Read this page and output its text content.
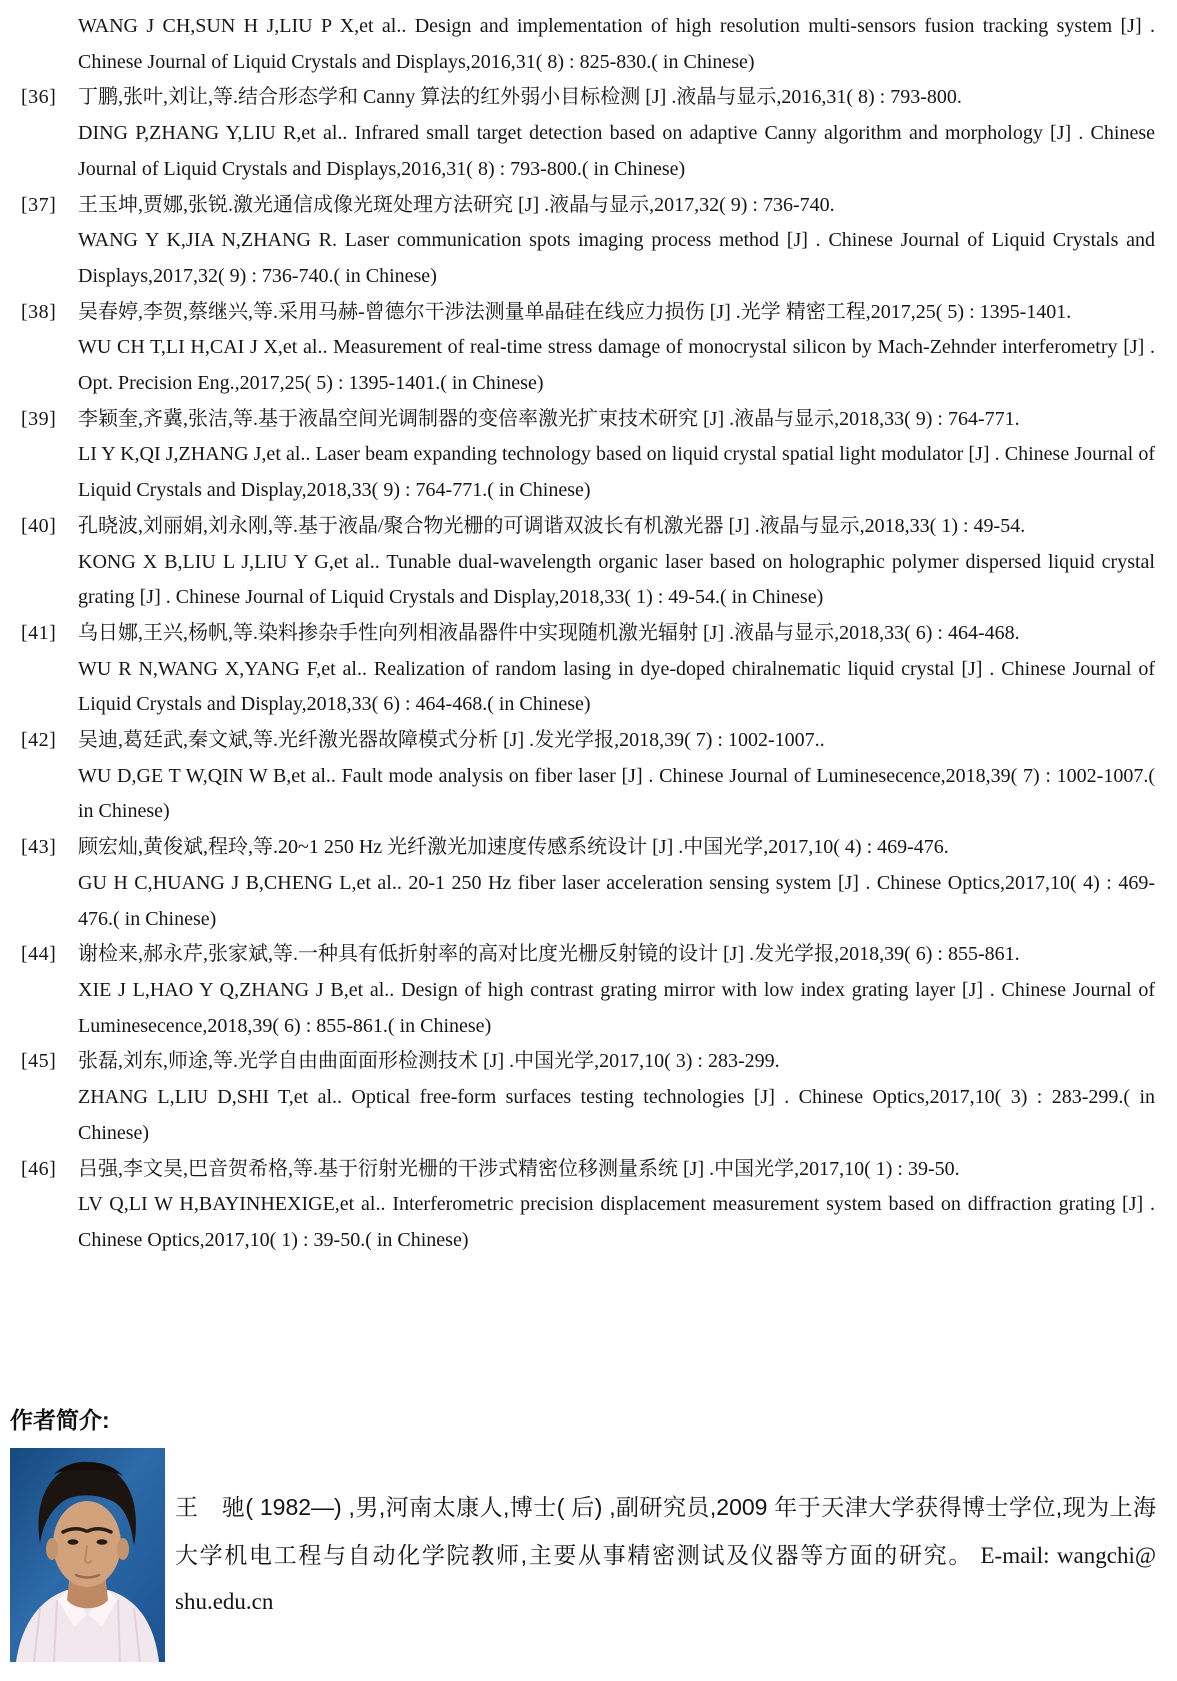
WANG J CH,SUN H J,LIU P X,et al.. Design and implementation of high resolution multi-sensors fusion tracking system [J] . Chinese Journal of Liquid Crystals and Displays,2016,31( 8) : 825-830.( in Chinese)

[36] 丁鹏,张叶,刘让,等.结合形态学和 Canny 算法的红外弱小目标检测 [J] .液晶与显示,2016,31( 8) : 793-800.

DING P,ZHANG Y,LIU R,et al.. Infrared small target detection based on adaptive Canny algorithm and morphology [J] . Chinese Journal of Liquid Crystals and Displays,2016,31( 8) : 793-800.( in Chinese)

[37] 王玉坤,贾娜,张锐.激光通信成像光斑处理方法研究 [J] .液晶与显示,2017,32( 9) : 736-740.

WANG Y K,JIA N,ZHANG R. Laser communication spots imaging process method [J] . Chinese Journal of Liquid Crystals and Displays,2017,32( 9) : 736-740.( in Chinese)

[38] 吴春婷,李贺,蔡继兴,等.采用马赫-曾德尔干涉法测量单晶硅在线应力损伤 [J] .光学 精密工程,2017,25( 5) : 1395-1401.

WU CH T,LI H,CAI J X,et al.. Measurement of real-time stress damage of monocrystal silicon by Mach-Zehnder interferometry [J] . Opt. Precision Eng.,2017,25( 5) : 1395-1401.( in Chinese)

[39] 李颖奎,齐冀,张洁,等.基于液晶空间光调制器的变倍率激光扩束技术研究 [J] .液晶与显示,2018,33( 9) : 764-771.

LI Y K,QI J,ZHANG J,et al.. Laser beam expanding technology based on liquid crystal spatial light modulator [J] . Chinese Journal of Liquid Crystals and Display,2018,33( 9) : 764-771.( in Chinese)

[40] 孔晓波,刘丽娟,刘永刚,等.基于液晶/聚合物光栅的可调谐双波长有机激光器 [J] .液晶与显示,2018,33( 1) : 49-54.

KONG X B,LIU L J,LIU Y G,et al.. Tunable dual-wavelength organic laser based on holographic polymer dispersed liquid crystal grating [J] . Chinese Journal of Liquid Crystals and Display,2018,33( 1) : 49-54.( in Chinese)

[41] 乌日娜,王兴,杨帆,等.染料掺杂手性向列相液晶器件中实现随机激光辐射 [J] .液晶与显示,2018,33( 6) : 464-468.

WU R N,WANG X,YANG F,et al.. Realization of random lasing in dye-doped chiralnematic liquid crystal [J] . Chinese Journal of Liquid Crystals and Display,2018,33( 6) : 464-468.( in Chinese)

[42] 吴迪,葛廷武,秦文斌,等.光纤激光器故障模式分析 [J] .发光学报,2018,39( 7) : 1002-1007..

WU D,GE T W,QIN W B,et al.. Fault mode analysis on fiber laser [J] . Chinese Journal of Luminesecence,2018,39( 7) : 1002-1007.( in Chinese)

[43] 顾宏灿,黄俊斌,程玲,等.20~1 250 Hz 光纤激光加速度传感系统设计 [J] .中国光学,2017,10( 4) : 469-476.

GU H C,HUANG J B,CHENG L,et al.. 20-1 250 Hz fiber laser acceleration sensing system [J] . Chinese Optics,2017,10( 4) : 469-476.( in Chinese)

[44] 谢检来,郝永芹,张家斌,等.一种具有低折射率的高对比度光栅反射镜的设计 [J] .发光学报,2018,39( 6) : 855-861.

XIE J L,HAO Y Q,ZHANG J B,et al.. Design of high contrast grating mirror with low index grating layer [J] . Chinese Journal of Luminesecence,2018,39( 6) : 855-861.( in Chinese)

[45] 张磊,刘东,师途,等.光学自由曲面面形检测技术 [J] .中国光学,2017,10( 3) : 283-299.

ZHANG L,LIU D,SHI T,et al.. Optical free-form surfaces testing technologies [J] . Chinese Optics,2017,10( 3) : 283-299.( in Chinese)

[46] 吕强,李文昊,巴音贺希格,等.基于衍射光栅的干涉式精密位移测量系统 [J] .中国光学,2017,10( 1) : 39-50.

LV Q,LI W H,BAYINHEXIGE,et al.. Interferometric precision displacement measurement system based on diffraction grating [J] . Chinese Optics,2017,10( 1) : 39-50.( in Chinese)

作者简介:

王　驰( 1982—) ,男,河南太康人,博士( 后) ,副研究员,2009 年于天津大学获得博士学位,现为上海大学机电工程与自动化学院教师,主要从事精密测试及仪器等方面的研究。 E-mail: wangchi@ shu.edu.cn
